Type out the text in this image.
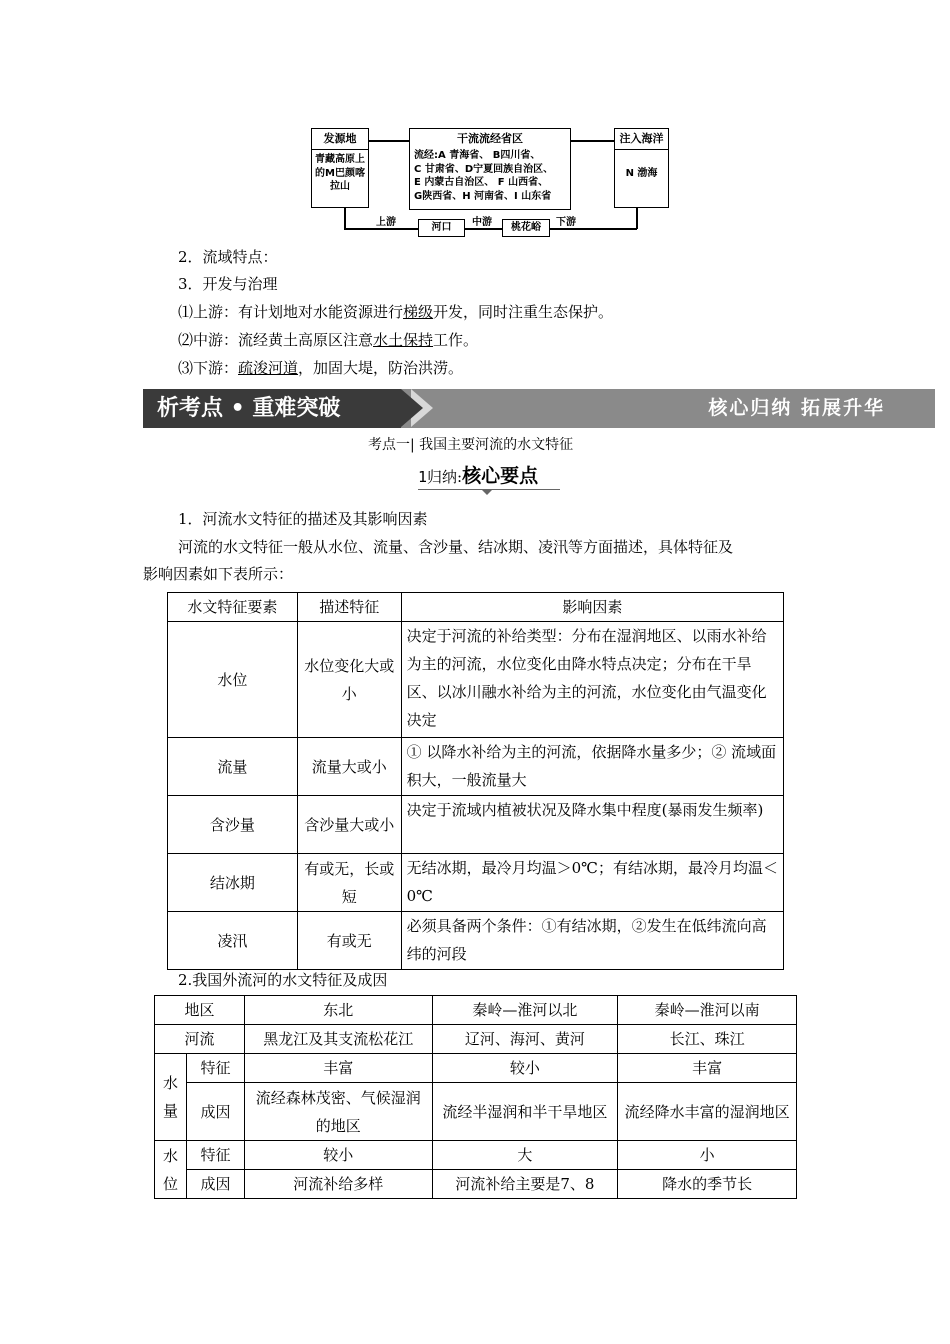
发源地
青藏高原上的M巴颜喀拉山
干流流经省区
流经:A 青海省、 B四川省、
C 甘肃省、D宁夏回族自治区、
E 内蒙古自治区、 F 山西省、
G陕西省、H 河南省、I 山东省
注入海洋
N 渤海
上游	河口	中游	桃花峪	下游
2．流域特点：
3．开发与治理
⑴上游：有计划地对水能资源进行梯级开发，同时注重生态保护。
⑵中游：流经黄土高原区注意水土保持工作。
⑶下游：疏浚河道，加固大堤，防治洪涝。
析考点 • 重难突破	核心归纳 拓展升华
考点一| 我国主要河流的水文特征
1归纳:核心要点
1．河流水文特征的描述及其影响因素
河流的水文特征一般从水位、流量、含沙量、结冰期、凌汛等方面描述，具体特征及
影响因素如下表所示：
水文特征要素	描述特征	影响因素
水位	水位变化大或小	决定于河流的补给类型：分布在湿润地区、以雨水补给为主的河流，水位变化由降水特点决定；分布在干旱区、以冰川融水补给为主的河流，水位变化由气温变化决定
流量	流量大或小	① 以降水补给为主的河流，依据降水量多少；② 流域面积大，一般流量大
含沙量	含沙量大或小	决定于流域内植被状况及降水集中程度(暴雨发生频率)
结冰期	有或无，长或短	无结冰期，最冷月均温＞0℃；有结冰期，最冷月均温＜0℃
凌汛	有或无	必须具备两个条件：①有结冰期，②发生在低纬流向高纬的河段
2.我国外流河的水文特征及成因
地区		东北	秦岭—淮河以北	秦岭—淮河以南
河流		黑龙江及其支流松花江	辽河、海河、黄河	长江、珠江
水量	特征	丰富	较小	丰富
	成因	流经森林茂密、气候湿润的地区	流经半湿润和半干旱地区	流经降水丰富的湿润地区
水位	特征	较小	大	小
	成因	河流补给多样	河流补给主要是7、8	降水的季节长
